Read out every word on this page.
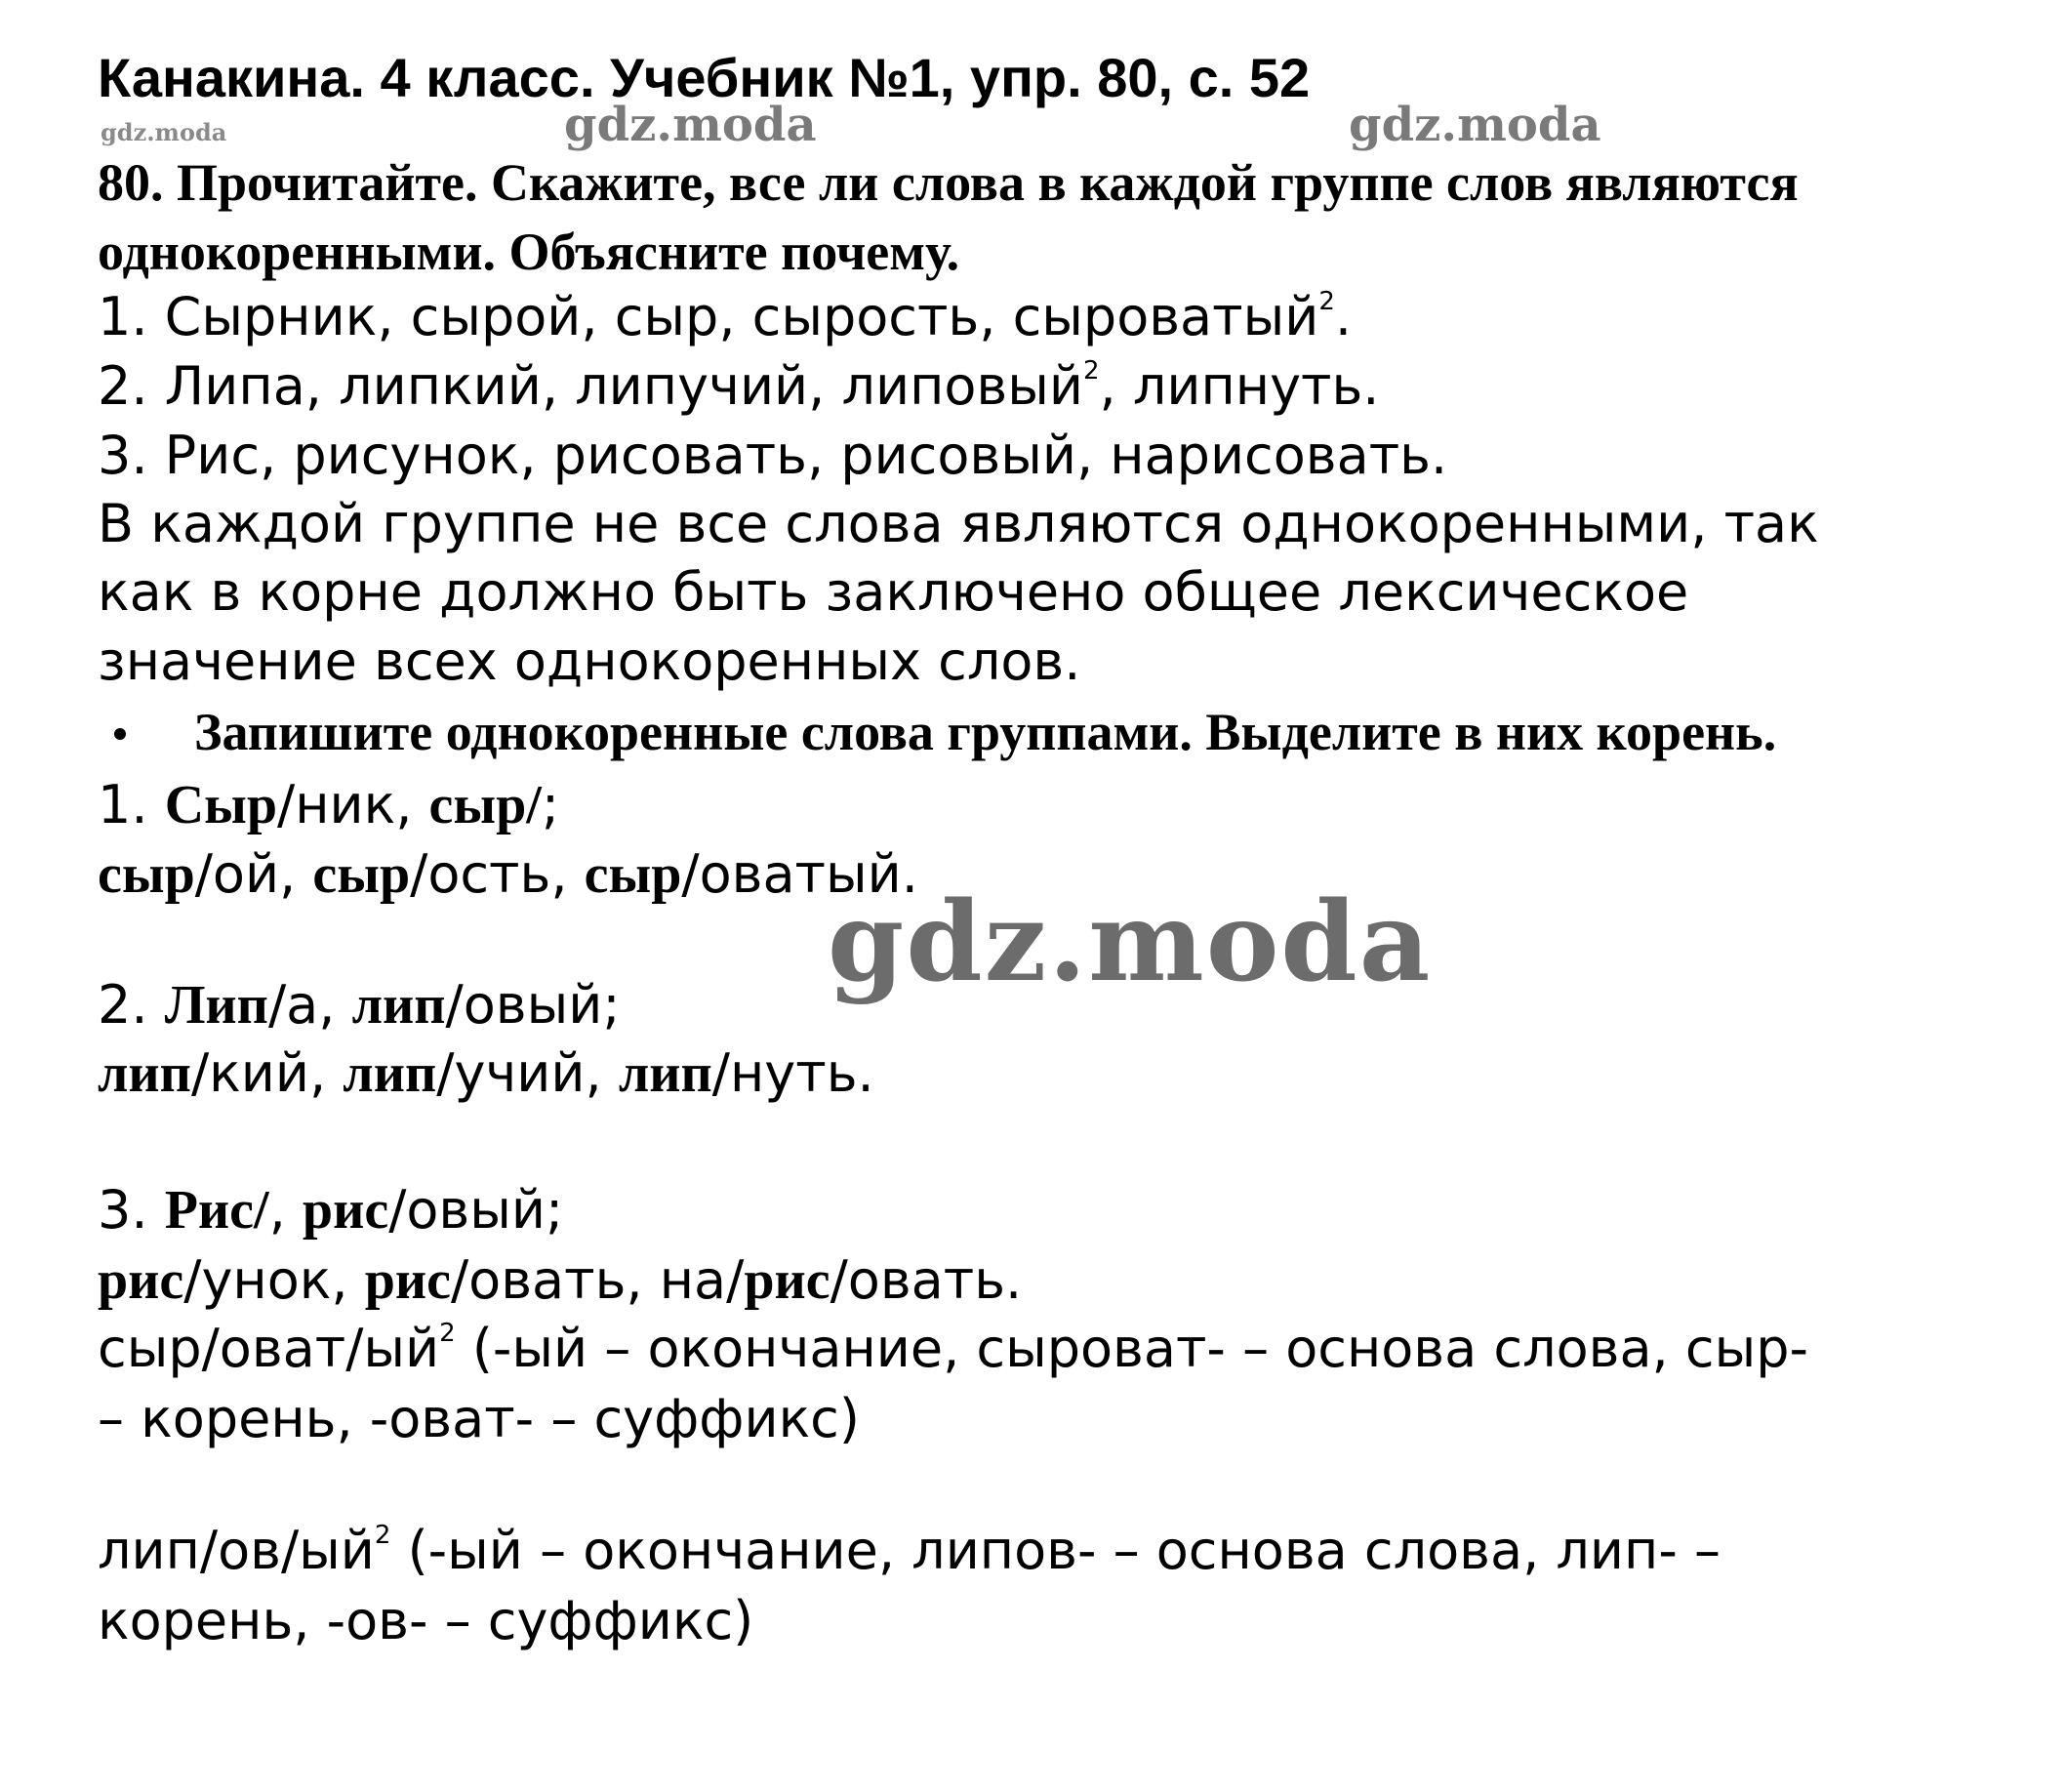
Канакина. 4 класс. Учебник №1, упр. 80, с. 52
gdz.moda	gdz.moda	gdz.moda
80. Прочитайте. Скажите, все ли слова в каждой группе слов являются
однокоренными. Объясните почему.
1. Сырник, сырой, сыр, сырость, сыроватый$^2$.
2. Липа, липкий, липучий, липовый$^2$, липнуть.
3. Рис, рисунок, рисовать, рисовый, нарисовать.
В каждой группе не все слова являются однокоренными, так
как в корне должно быть заключено общее лексическое
значение всех однокоренных слов.
Запишите однокоренные слова группами. Выделите в них корень.
1. Сыр/ник, сыр/;
сыр/ой, сыр/ость, сыр/оватый.
gdz.moda
2. Лип/а, лип/овый;
лип/кий, лип/учий, лип/нуть.
3. Рис/, рис/овый;
рис/унок, рис/овать, на/рис/овать.
сыр/$оват/ый^2$ (-ый – окончание, сыроват- – основа слова, сыр-
– корень, -оват- – суффикс)
лип/$ов/ый^2$ (-ый – окончание, липов- – основа слова, лип- –
корень, -ов- – суффикс)
